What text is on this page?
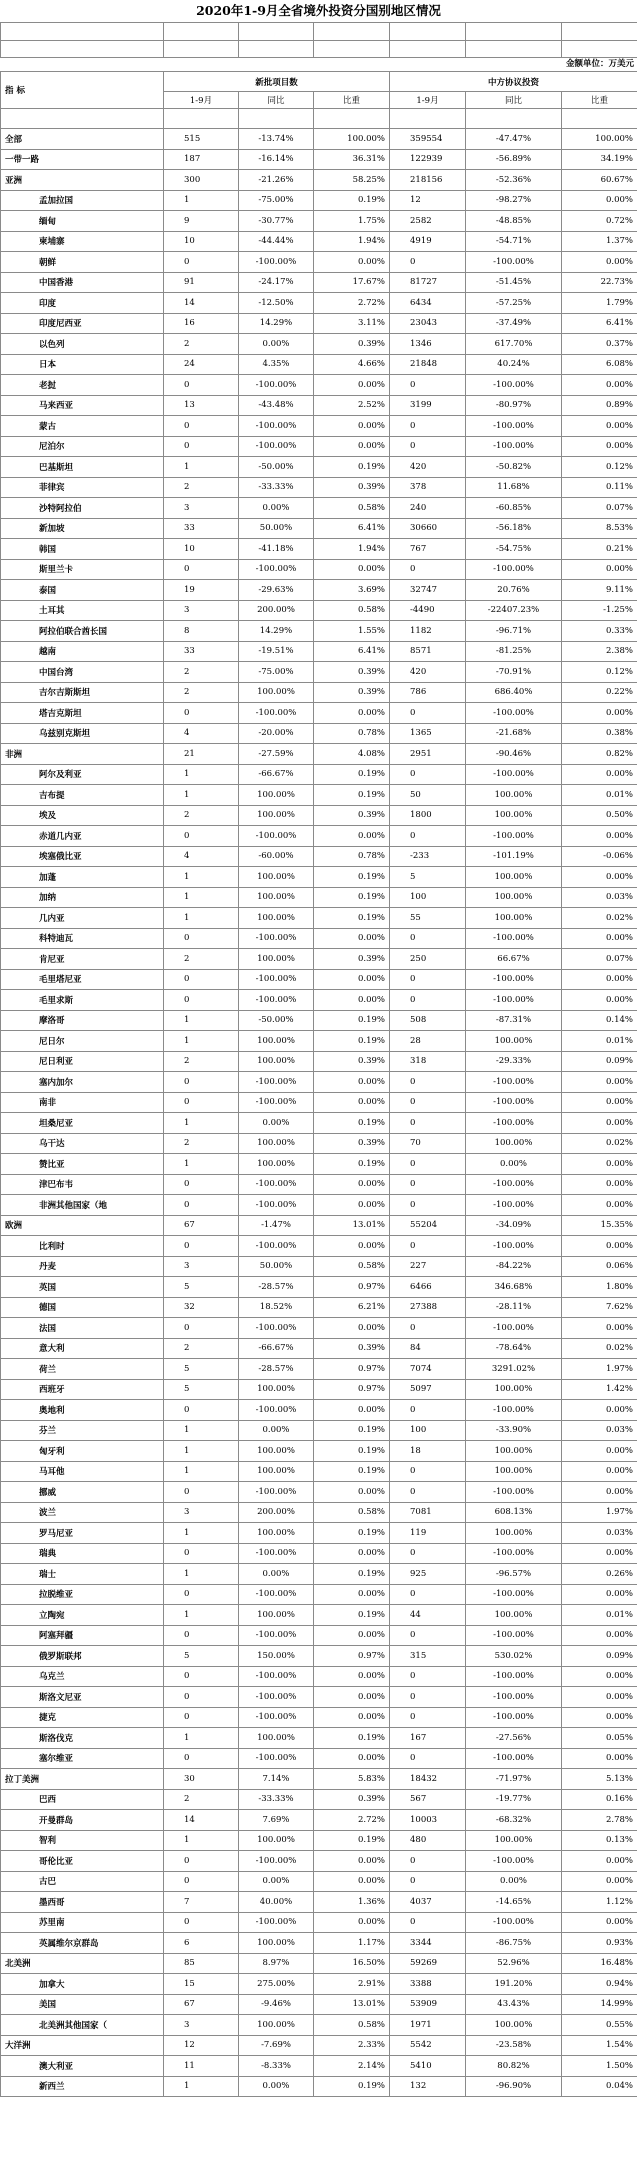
2020年1-9月全省境外投资分国别地区情况

金额单位：万美元
指 标	新批项目数			中方协议投资		
	1-9月	同比	比重	1-9月	同比	比重

全部	515	-13.74%	100.00%	359554	-47.47%	100.00%
一带一路	187	-16.14%	36.31%	122939	-56.89%	34.19%
亚洲	300	-21.26%	58.25%	218156	-52.36%	60.67%
孟加拉国	1	-75.00%	0.19%	12	-98.27%	0.00%
缅甸	9	-30.77%	1.75%	2582	-48.85%	0.72%
柬埔寨	10	-44.44%	1.94%	4919	-54.71%	1.37%
朝鲜	0	-100.00%	0.00%	0	-100.00%	0.00%
中国香港	91	-24.17%	17.67%	81727	-51.45%	22.73%
印度	14	-12.50%	2.72%	6434	-57.25%	1.79%
印度尼西亚	16	14.29%	3.11%	23043	-37.49%	6.41%
以色列	2	0.00%	0.39%	1346	617.70%	0.37%
日本	24	4.35%	4.66%	21848	40.24%	6.08%
老挝	0	-100.00%	0.00%	0	-100.00%	0.00%
马来西亚	13	-43.48%	2.52%	3199	-80.97%	0.89%
蒙古	0	-100.00%	0.00%	0	-100.00%	0.00%
尼泊尔	0	-100.00%	0.00%	0	-100.00%	0.00%
巴基斯坦	1	-50.00%	0.19%	420	-50.82%	0.12%
菲律宾	2	-33.33%	0.39%	378	11.68%	0.11%
沙特阿拉伯	3	0.00%	0.58%	240	-60.85%	0.07%
新加坡	33	50.00%	6.41%	30660	-56.18%	8.53%
韩国	10	-41.18%	1.94%	767	-54.75%	0.21%
斯里兰卡	0	-100.00%	0.00%	0	-100.00%	0.00%
泰国	19	-29.63%	3.69%	32747	20.76%	9.11%
土耳其	3	200.00%	0.58%	-4490	-22407.23%	-1.25%
阿拉伯联合酋长国	8	14.29%	1.55%	1182	-96.71%	0.33%
越南	33	-19.51%	6.41%	8571	-81.25%	2.38%
中国台湾	2	-75.00%	0.39%	420	-70.91%	0.12%
吉尔吉斯斯坦	2	100.00%	0.39%	786	686.40%	0.22%
塔吉克斯坦	0	-100.00%	0.00%	0	-100.00%	0.00%
乌兹别克斯坦	4	-20.00%	0.78%	1365	-21.68%	0.38%
非洲	21	-27.59%	4.08%	2951	-90.46%	0.82%
阿尔及利亚	1	-66.67%	0.19%	0	-100.00%	0.00%
吉布提	1	100.00%	0.19%	50	100.00%	0.01%
埃及	2	100.00%	0.39%	1800	100.00%	0.50%
赤道几内亚	0	-100.00%	0.00%	0	-100.00%	0.00%
埃塞俄比亚	4	-60.00%	0.78%	-233	-101.19%	-0.06%
加蓬	1	100.00%	0.19%	5	100.00%	0.00%
加纳	1	100.00%	0.19%	100	100.00%	0.03%
几内亚	1	100.00%	0.19%	55	100.00%	0.02%
科特迪瓦	0	-100.00%	0.00%	0	-100.00%	0.00%
肯尼亚	2	100.00%	0.39%	250	66.67%	0.07%
毛里塔尼亚	0	-100.00%	0.00%	0	-100.00%	0.00%
毛里求斯	0	-100.00%	0.00%	0	-100.00%	0.00%
摩洛哥	1	-50.00%	0.19%	508	-87.31%	0.14%
尼日尔	1	100.00%	0.19%	28	100.00%	0.01%
尼日利亚	2	100.00%	0.39%	318	-29.33%	0.09%
塞内加尔	0	-100.00%	0.00%	0	-100.00%	0.00%
南非	0	-100.00%	0.00%	0	-100.00%	0.00%
坦桑尼亚	1	0.00%	0.19%	0	-100.00%	0.00%
乌干达	2	100.00%	0.39%	70	100.00%	0.02%
赞比亚	1	100.00%	0.19%	0	0.00%	0.00%
津巴布韦	0	-100.00%	0.00%	0	-100.00%	0.00%
非洲其他国家（地	0	-100.00%	0.00%	0	-100.00%	0.00%
欧洲	67	-1.47%	13.01%	55204	-34.09%	15.35%
比利时	0	-100.00%	0.00%	0	-100.00%	0.00%
丹麦	3	50.00%	0.58%	227	-84.22%	0.06%
英国	5	-28.57%	0.97%	6466	346.68%	1.80%
德国	32	18.52%	6.21%	27388	-28.11%	7.62%
法国	0	-100.00%	0.00%	0	-100.00%	0.00%
意大利	2	-66.67%	0.39%	84	-78.64%	0.02%
荷兰	5	-28.57%	0.97%	7074	3291.02%	1.97%
西班牙	5	100.00%	0.97%	5097	100.00%	1.42%
奥地利	0	-100.00%	0.00%	0	-100.00%	0.00%
芬兰	1	0.00%	0.19%	100	-33.90%	0.03%
匈牙利	1	100.00%	0.19%	18	100.00%	0.00%
马耳他	1	100.00%	0.19%	0	100.00%	0.00%
挪威	0	-100.00%	0.00%	0	-100.00%	0.00%
波兰	3	200.00%	0.58%	7081	608.13%	1.97%
罗马尼亚	1	100.00%	0.19%	119	100.00%	0.03%
瑞典	0	-100.00%	0.00%	0	-100.00%	0.00%
瑞士	1	0.00%	0.19%	925	-96.57%	0.26%
拉脱维亚	0	-100.00%	0.00%	0	-100.00%	0.00%
立陶宛	1	100.00%	0.19%	44	100.00%	0.01%
阿塞拜疆	0	-100.00%	0.00%	0	-100.00%	0.00%
俄罗斯联邦	5	150.00%	0.97%	315	530.02%	0.09%
乌克兰	0	-100.00%	0.00%	0	-100.00%	0.00%
斯洛文尼亚	0	-100.00%	0.00%	0	-100.00%	0.00%
捷克	0	-100.00%	0.00%	0	-100.00%	0.00%
斯洛伐克	1	100.00%	0.19%	167	-27.56%	0.05%
塞尔维亚	0	-100.00%	0.00%	0	-100.00%	0.00%
拉丁美洲	30	7.14%	5.83%	18432	-71.97%	5.13%
巴西	2	-33.33%	0.39%	567	-19.77%	0.16%
开曼群岛	14	7.69%	2.72%	10003	-68.32%	2.78%
智利	1	100.00%	0.19%	480	100.00%	0.13%
哥伦比亚	0	-100.00%	0.00%	0	-100.00%	0.00%
古巴	0	0.00%	0.00%	0	0.00%	0.00%
墨西哥	7	40.00%	1.36%	4037	-14.65%	1.12%
苏里南	0	-100.00%	0.00%	0	-100.00%	0.00%
英属维尔京群岛	6	100.00%	1.17%	3344	-86.75%	0.93%
北美洲	85	8.97%	16.50%	59269	52.96%	16.48%
加拿大	15	275.00%	2.91%	3388	191.20%	0.94%
美国	67	-9.46%	13.01%	53909	43.43%	14.99%
北美洲其他国家（	3	100.00%	0.58%	1971	100.00%	0.55%
大洋洲	12	-7.69%	2.33%	5542	-23.58%	1.54%
澳大利亚	11	-8.33%	2.14%	5410	80.82%	1.50%
新西兰	1	0.00%	0.19%	132	-96.90%	0.04%
